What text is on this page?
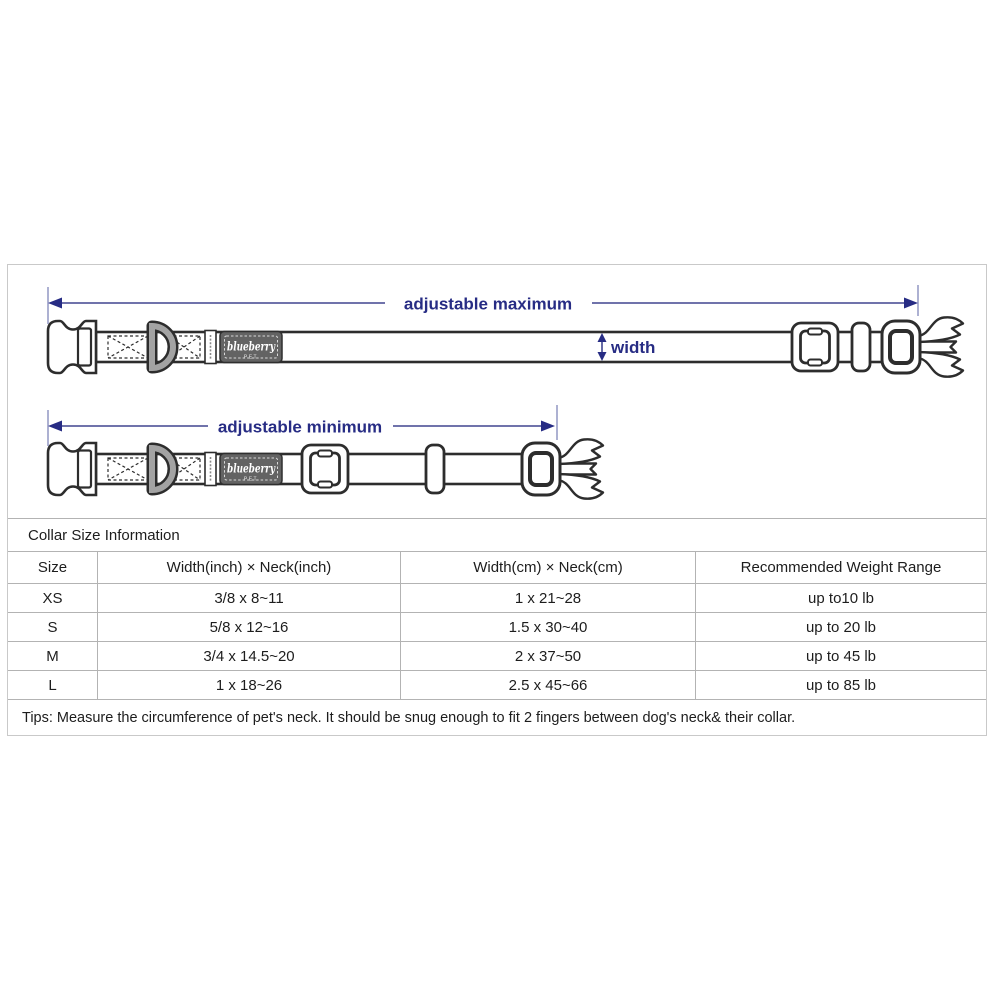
blueberry
PET
adjustable maximum
width
adjustable minimum
Collar Size Information
Size	Width(inch) × Neck(inch)	Width(cm) × Neck(cm)	Recommended Weight Range
XS	3/8 x 8~11	1 x 21~28	up to10 lb
S	5/8 x 12~16	1.5 x 30~40	up to 20 lb
M	3/4 x 14.5~20	2 x 37~50	up to 45 lb
L	1 x 18~26	2.5 x 45~66	up to 85 lb
Tips: Measure the circumference of pet's neck. It should be snug enough to fit 2 fingers between dog's neck& their collar.
